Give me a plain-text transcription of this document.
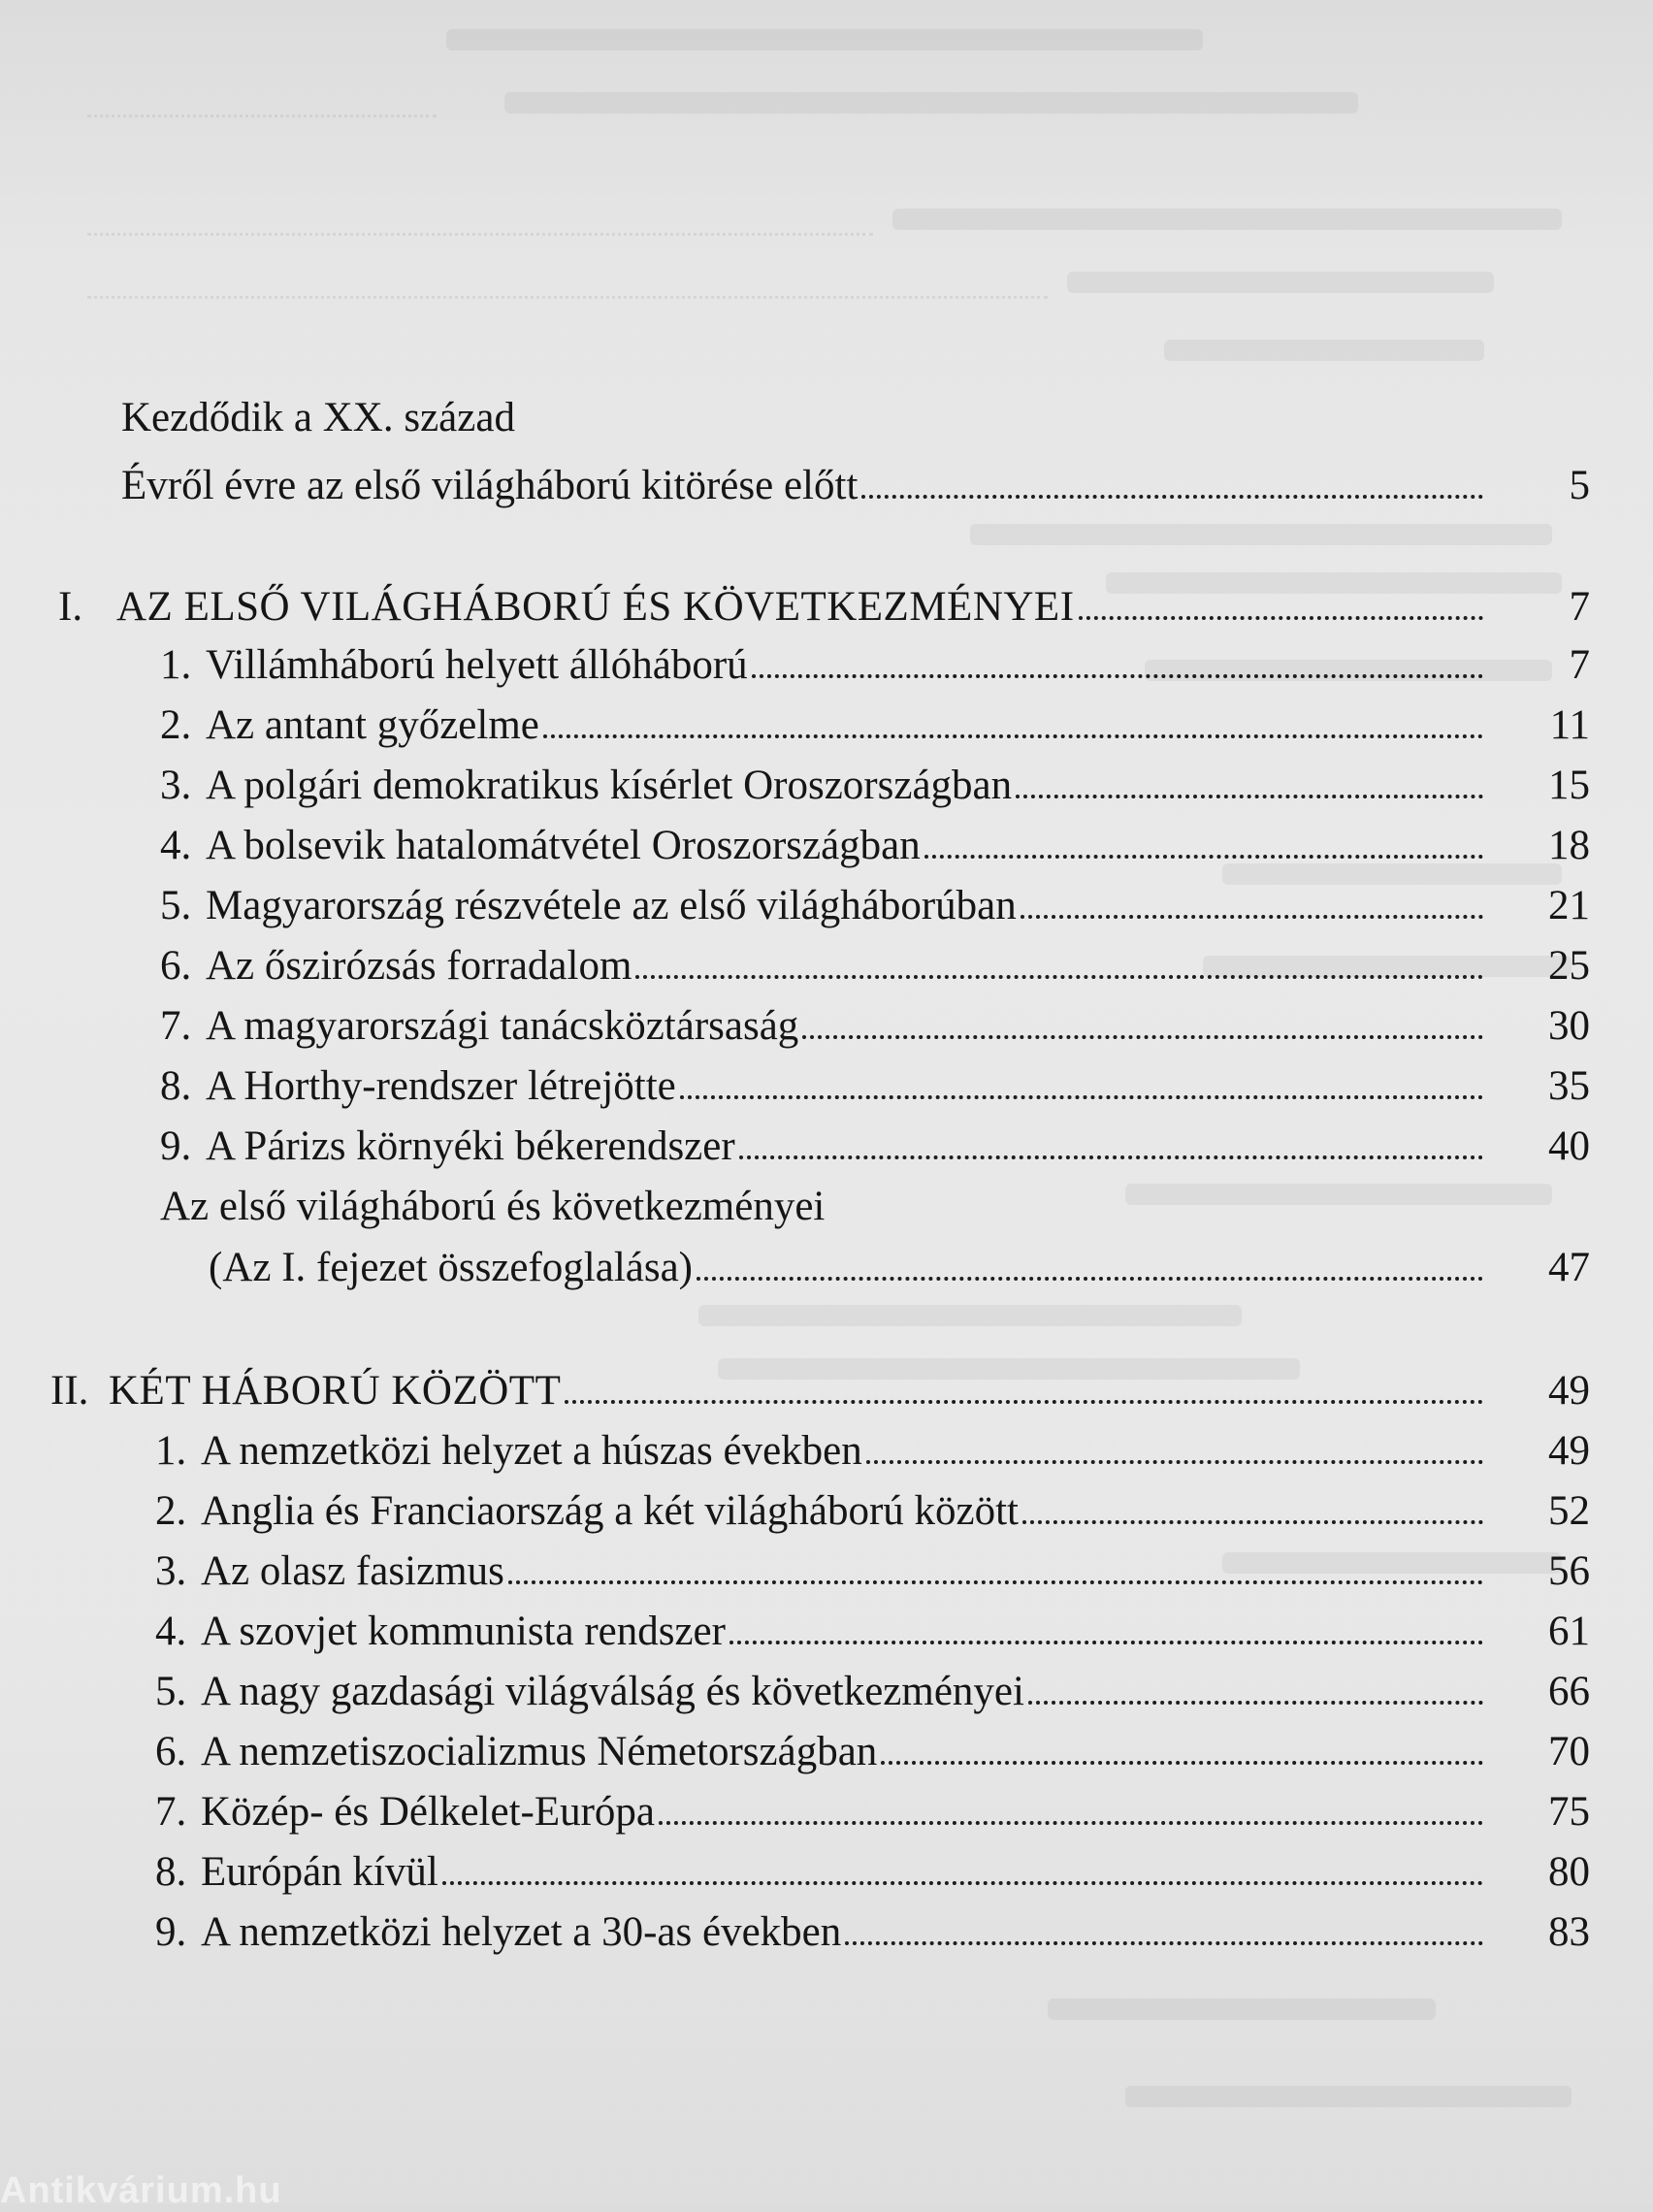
Kezdődik a XX. század
Évről évre az első világháború kitörése előtt	5
I. AZ ELSŐ VILÁGHÁBORÚ ÉS KÖVETKEZMÉNYEI	7
1. Villámháború helyett állóháború	7
2. Az antant győzelme	11
3. A polgári demokratikus kísérlet Oroszországban	15
4. A bolsevik hatalomátvétel Oroszországban	18
5. Magyarország részvétele az első világháborúban	21
6. Az őszirózsás forradalom	25
7. A magyarországi tanácsköztársaság	30
8. A Horthy-rendszer létrejötte	35
9. A Párizs környéki békerendszer	40
Az első világháború és következményei
(Az I. fejezet összefoglalása)	47
II. KÉT HÁBORÚ KÖZÖTT	49
1. A nemzetközi helyzet a húszas években	49
2. Anglia és Franciaország a két világháború között	52
3. Az olasz fasizmus	56
4. A szovjet kommunista rendszer	61
5. A nagy gazdasági világválság és következményei	66
6. A nemzetiszocializmus Németországban	70
7. Közép- és Délkelet-Európa	75
8. Európán kívül	80
9. A nemzetközi helyzet a 30-as években	83
Antikvárium.hu
